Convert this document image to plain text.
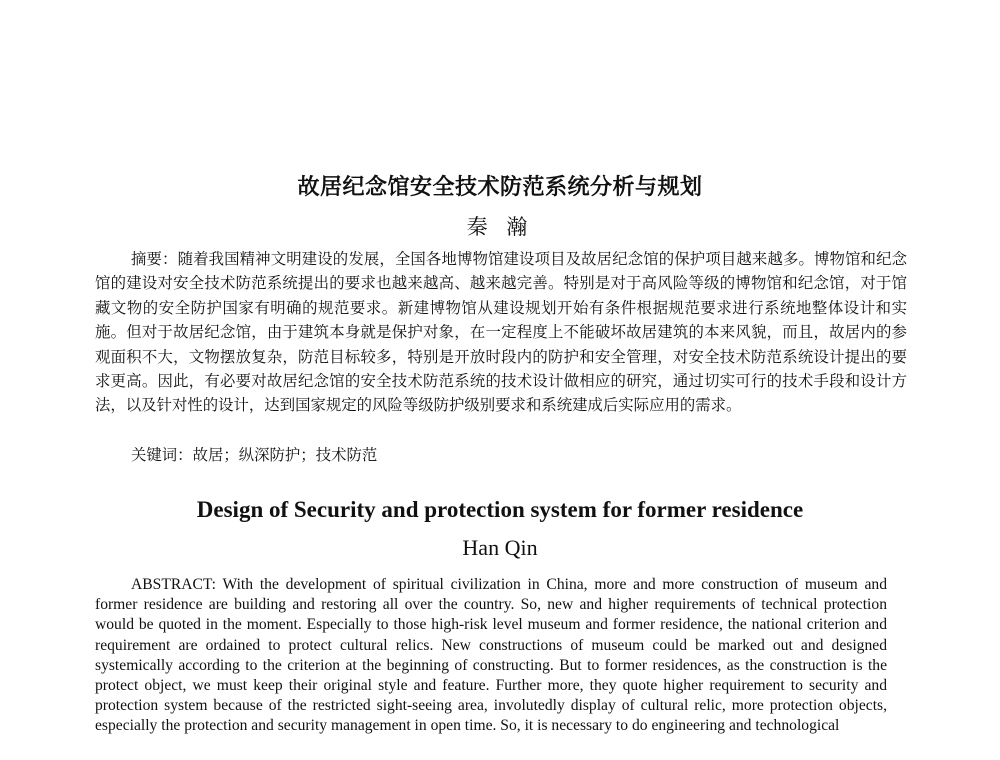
故居纪念馆安全技术防范系统分析与规划
秦 瀚

摘要：随着我国精神文明建设的发展，全国各地博物馆建设项目及故居纪念馆的保护项目越来越多。博物馆和纪念馆的建设对安全技术防范系统提出的要求也越来越高、越来越完善。特别是对于高风险等级的博物馆和纪念馆，对于馆藏文物的安全防护国家有明确的规范要求。新建博物馆从建设规划开始有条件根据规范要求进行系统地整体设计和实施。但对于故居纪念馆，由于建筑本身就是保护对象，在一定程度上不能破坏故居建筑的本来风貌，而且，故居内的参观面积不大，文物摆放复杂，防范目标较多，特别是开放时段内的防护和安全管理，对安全技术防范系统设计提出的要求更高。因此，有必要对故居纪念馆的安全技术防范系统的技术设计做相应的研究，通过切实可行的技术手段和设计方法，以及针对性的设计，达到国家规定的风险等级防护级别要求和系统建成后实际应用的需求。

关键词：故居；纵深防护；技术防范
Design of Security and protection system for former residence
Han Qin

ABSTRACT: With the development of spiritual civilization in China, more and more construction of museum and former residence are building and restoring all over the country. So, new and higher requirements of technical protection would be quoted in the moment. Especially to those high-risk level museum and former residence, the national criterion and requirement are ordained to protect cultural relics. New constructions of museum could be marked out and designed systemically according to the criterion at the beginning of constructing. But to former residences, as the construction is the protect object, we must keep their original style and feature. Further more, they quote higher requirement to security and protection system because of the restricted sight-seeing area, involutedly display of cultural relic, more protection objects, especially the protection and security management in open time. So, it is necessary to do engineering and technological
